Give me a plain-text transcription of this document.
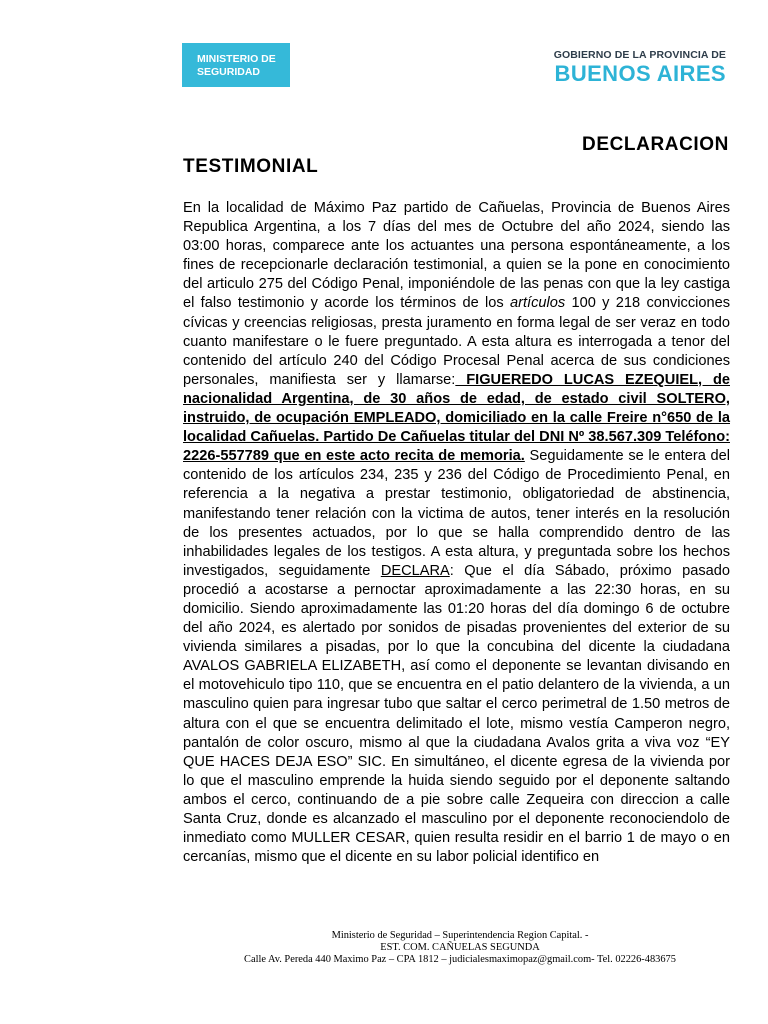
MINISTERIO DE
SEGURIDAD
GOBIERNO DE LA PROVINCIA DE
BUENOS AIRES
DECLARACION
TESTIMONIAL

En la localidad de Máximo Paz partido de Cañuelas, Provincia de Buenos Aires Republica Argentina, a los 7 días del mes de Octubre del año 2024, siendo las 03:00 horas, comparece ante los actuantes una persona espontáneamente, a los fines de recepcionarle declaración testimonial, a quien se la pone en conocimiento del articulo 275 del Código Penal, imponiéndole de las penas con que la ley castiga el falso testimonio y acorde los términos de los artículos 100 y 218 convicciones cívicas y creencias religiosas, presta juramento en forma legal de ser veraz en todo cuanto manifestare o le fuere preguntado. A esta altura es interrogada a tenor del contenido del artículo 240 del Código Procesal Penal acerca de sus condiciones personales, manifiesta ser y llamarse: FIGUEREDO LUCAS EZEQUIEL, de nacionalidad Argentina, de 30 años de edad, de estado civil SOLTERO, instruido, de ocupación EMPLEADO, domiciliado en la calle Freire n°650 de la localidad Cañuelas. Partido De Cañuelas titular del DNI Nº 38.567.309 Teléfono: 2226-557789 que en este acto recita de memoria. Seguidamente se le entera del contenido de los artículos 234, 235 y 236 del Código de Procedimiento Penal, en referencia a la negativa a prestar testimonio, obligatoriedad de abstinencia, manifestando tener relación con la victima de autos, tener interés en la resolución de los presentes actuados, por lo que se halla comprendido dentro de las inhabilidades legales de los testigos. A esta altura, y preguntada sobre los hechos investigados, seguidamente DECLARA: Que el día Sábado, próximo pasado procedió a acostarse a pernoctar aproximadamente a las 22:30 horas, en su domicilio. Siendo aproximadamente las 01:20 horas del día domingo 6 de octubre del año 2024, es alertado por sonidos de pisadas provenientes del exterior de su vivienda similares a pisadas, por lo que la concubina del dicente la ciudadana AVALOS GABRIELA ELIZABETH, así como el deponente se levantan divisando en el motovehiculo tipo 110, que se encuentra en el patio delantero de la vivienda, a un masculino quien para ingresar tubo que saltar el cerco perimetral de 1.50 metros de altura con el que se encuentra delimitado el lote, mismo vestía Camperon negro, pantalón de color oscuro, mismo al que la ciudadana Avalos grita a viva voz “EY QUE HACES DEJA ESO” SIC. En simultáneo, el dicente egresa de la vivienda por lo que el masculino emprende la huida siendo seguido por el deponente saltando ambos el cerco, continuando de a pie sobre calle Zequeira con direccion a calle Santa Cruz, donde es alcanzado el masculino por el deponente reconociendolo de inmediato como MULLER CESAR, quien resulta residir en el barrio 1 de mayo o en cercanías, mismo que el dicente en su labor policial identifico en

Ministerio de Seguridad – Superintendencia Region Capital. -
EST. COM. CAÑUELAS SEGUNDA
Calle Av. Pereda 440 Maximo Paz – CPA 1812 – judicialesmaximopaz@gmail.com- Tel. 02226-483675
